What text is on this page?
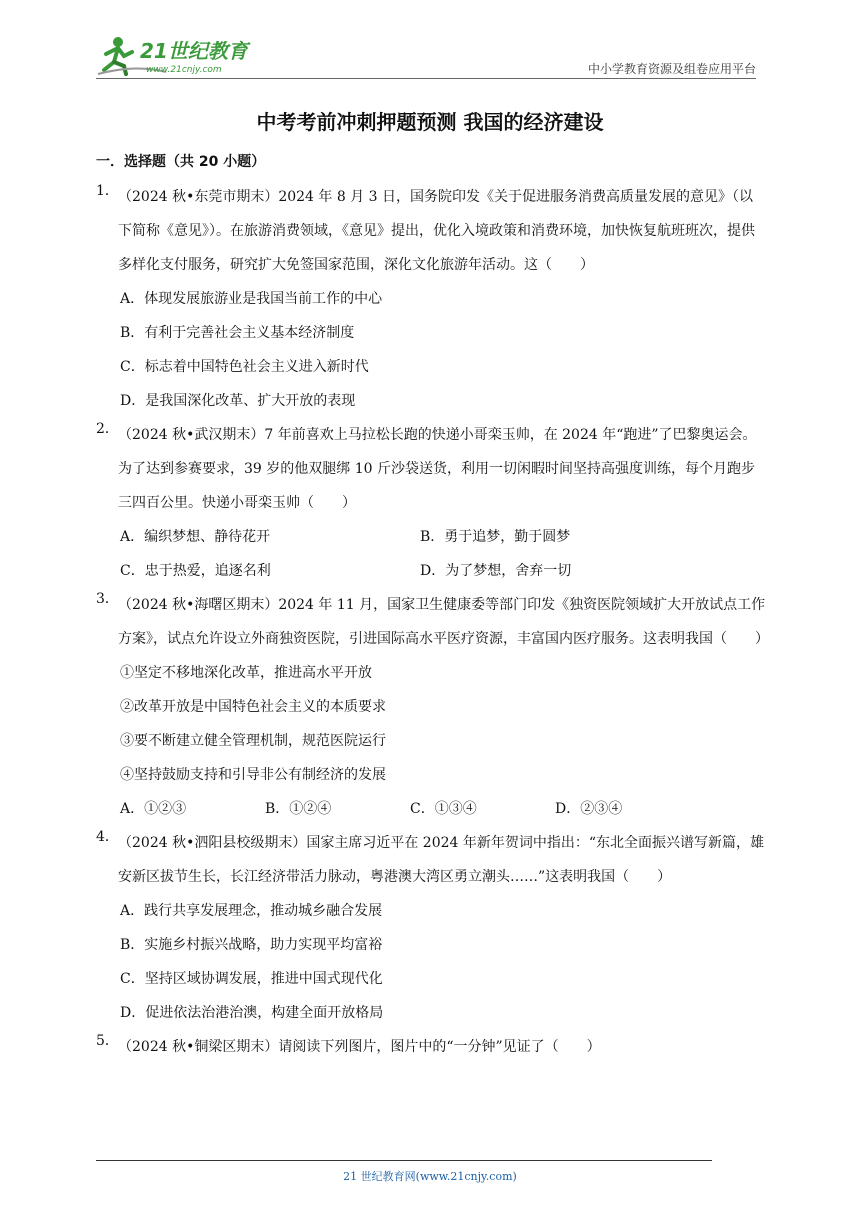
21世纪教育
www.21cnjy.com	中小学教育资源及组卷应用平台
中考考前冲刺押题预测 我国的经济建设
一．选择题（共 20 小题）
1． （2024 秋•东莞市期末）2024 年 8 月 3 日，国务院印发《关于促进服务消费高质量发展的意见》（以下简称《意见》）。在旅游消费领域，《意见》提出，优化入境政策和消费环境，加快恢复航班班次，提供多样化支付服务，研究扩大免签国家范围，深化文化旅游年活动。这（　　）
A．体现发展旅游业是我国当前工作的中心
B．有利于完善社会主义基本经济制度
C．标志着中国特色社会主义进入新时代
D．是我国深化改革、扩大开放的表现
2． （2024 秋•武汉期末）7 年前喜欢上马拉松长跑的快递小哥栾玉帅，在 2024 年“跑进”了巴黎奥运会。为了达到参赛要求，39 岁的他双腿绑 10 斤沙袋送货，利用一切闲暇时间坚持高强度训练，每个月跑步三四百公里。快递小哥栾玉帅（　　）
A．编织梦想、静待花开	B．勇于追梦，勤于圆梦
C．忠于热爱，追逐名利	D．为了梦想，舍弃一切
3． （2024 秋•海曙区期末）2024 年 11 月，国家卫生健康委等部门印发《独资医院领域扩大开放试点工作方案》，试点允许设立外商独资医院，引进国际高水平医疗资源，丰富国内医疗服务。这表明我国（　　）
①坚定不移地深化改革，推进高水平开放
②改革开放是中国特色社会主义的本质要求
③要不断建立健全管理机制，规范医院运行
④坚持鼓励支持和引导非公有制经济的发展
A．①②③	B．①②④	C．①③④	D．②③④
4． （2024 秋•泗阳县校级期末）国家主席习近平在 2024 年新年贺词中指出：“东北全面振兴谱写新篇，雄安新区拔节生长，长江经济带活力脉动，粤港澳大湾区勇立潮头……”这表明我国（　　）
A．践行共享发展理念，推动城乡融合发展
B．实施乡村振兴战略，助力实现平均富裕
C．坚持区域协调发展，推进中国式现代化
D．促进依法治港治澳，构建全面开放格局
5． （2024 秋•铜梁区期末）请阅读下列图片，图片中的“一分钟”见证了（　　）
21 世纪教育网(www.21cnjy.com)
